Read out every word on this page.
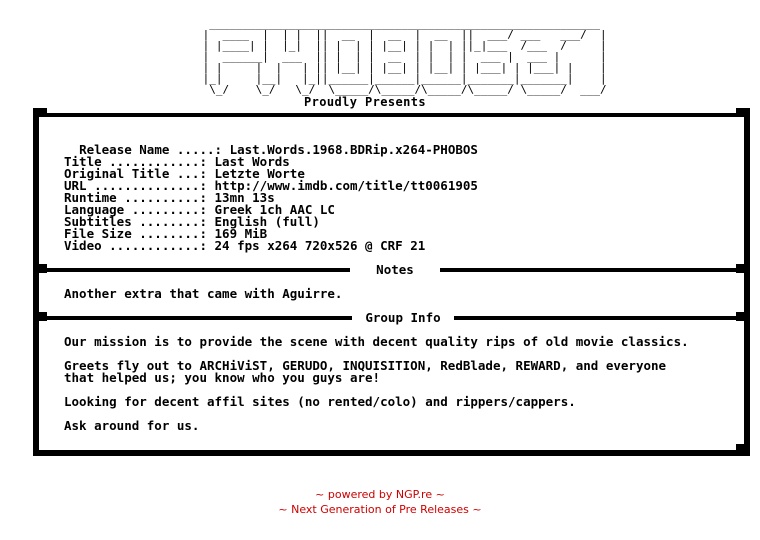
___________________________________________________________
|  ____  |  | |  ||  __  |  __  |  __  ||  ___/ ___   ___/  |
| |____| |  |_|  || |  | | |__| | |  | ||_|___  /___  /     |
|  ______|  ___  || |  | |  __  | |  | |  ___ |  ___ |      |
| |     |  |   | || |__| | |__| | |__| | |___| | |___| |    |
|_|     |__|   |_||______|______|______|_______|_______|    |
\_/    \_/   \_/  \_____/\_____/\_____/\_____/ \_____/  ___/
Proudly Presents

Release Name .....: Last.Words.1968.BDRip.x264-PHOBOS

Title ............: Last Words
Original Title ...: Letzte Worte
URL ..............: http://www.imdb.com/title/tt0061905
Runtime ..........: 13mn 13s
Language .........: Greek 1ch AAC LC
Subtitles ........: English (full)
File Size ........: 169 MiB
Video ............: 24 fps x264 720x526 @ CRF 21
Notes
Another extra that came with Aguirre.
Group Info
Our mission is to provide the scene with decent quality rips of old movie classics.
Greets fly out to ARCHiViST, GERUDO, INQUISITION, RedBlade, REWARD, and everyone
that helped us; you know who you guys are!
Looking for decent affil sites (no rented/colo) and rippers/cappers.
Ask around for us.
~ powered by NGP.re ~
~ Next Generation of Pre Releases ~
